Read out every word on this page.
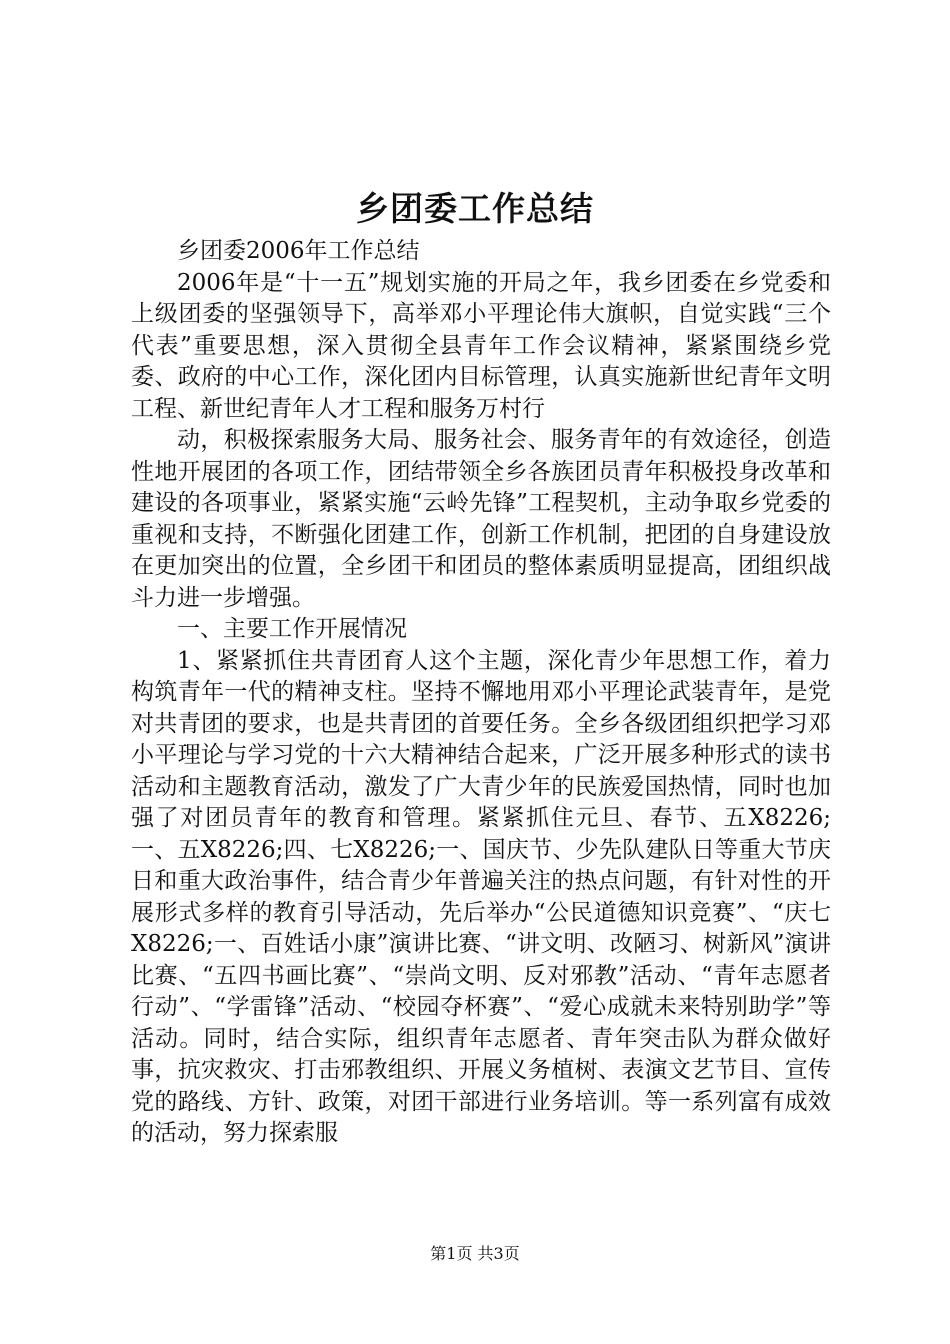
乡团委工作总结

乡团委2006年工作总结

2006年是“十一五”规划实施的开局之年，我乡团委在乡党委和上级团委的坚强领导下，高举邓小平理论伟大旗帜，自觉实践“三个代表”重要思想，深入贯彻全县青年工作会议精神，紧紧围绕乡党委、政府的中心工作，深化团内目标管理，认真实施新世纪青年文明工程、新世纪青年人才工程和服务万村行

动，积极探索服务大局、服务社会、服务青年的有效途径，创造性地开展团的各项工作，团结带领全乡各族团员青年积极投身改革和建设的各项事业，紧紧实施“云岭先锋”工程契机，主动争取乡党委的重视和支持，不断强化团建工作，创新工作机制，把团的自身建设放在更加突出的位置，全乡团干和团员的整体素质明显提高，团组织战斗力进一步增强。

一、主要工作开展情况

1、紧紧抓住共青团育人这个主题，深化青少年思想工作，着力构筑青年一代的精神支柱。坚持不懈地用邓小平理论武装青年，是党对共青团的要求，也是共青团的首要任务。全乡各级团组织把学习邓小平理论与学习党的十六大精神结合起来，广泛开展多种形式的读书活动和主题教育活动，激发了广大青少年的民族爱国热情，同时也加强了对团员青年的教育和管理。紧紧抓住元旦、春节、五X8226;一、五X8226;四、七X8226;一、国庆节、少先队建队日等重大节庆日和重大政治事件，结合青少年普遍关注的热点问题，有针对性的开展形式多样的教育引导活动，先后举办“公民道德知识竞赛”、“庆七X8226;一、百姓话小康”演讲比赛、“讲文明、改陋习、树新风”演讲比赛、“五四书画比赛”、“崇尚文明、反对邪教”活动、“青年志愿者行动”、“学雷锋”活动、“校园夺杯赛”、“爱心成就未来特别助学”等活动。同时，结合实际，组织青年志愿者、青年突击队为群众做好事，抗灾救灾、打击邪教组织、开展义务植树、表演文艺节目、宣传党的路线、方针、政策，对团干部进行业务培训。等一系列富有成效的活动，努力探索服

第1页 共3页
